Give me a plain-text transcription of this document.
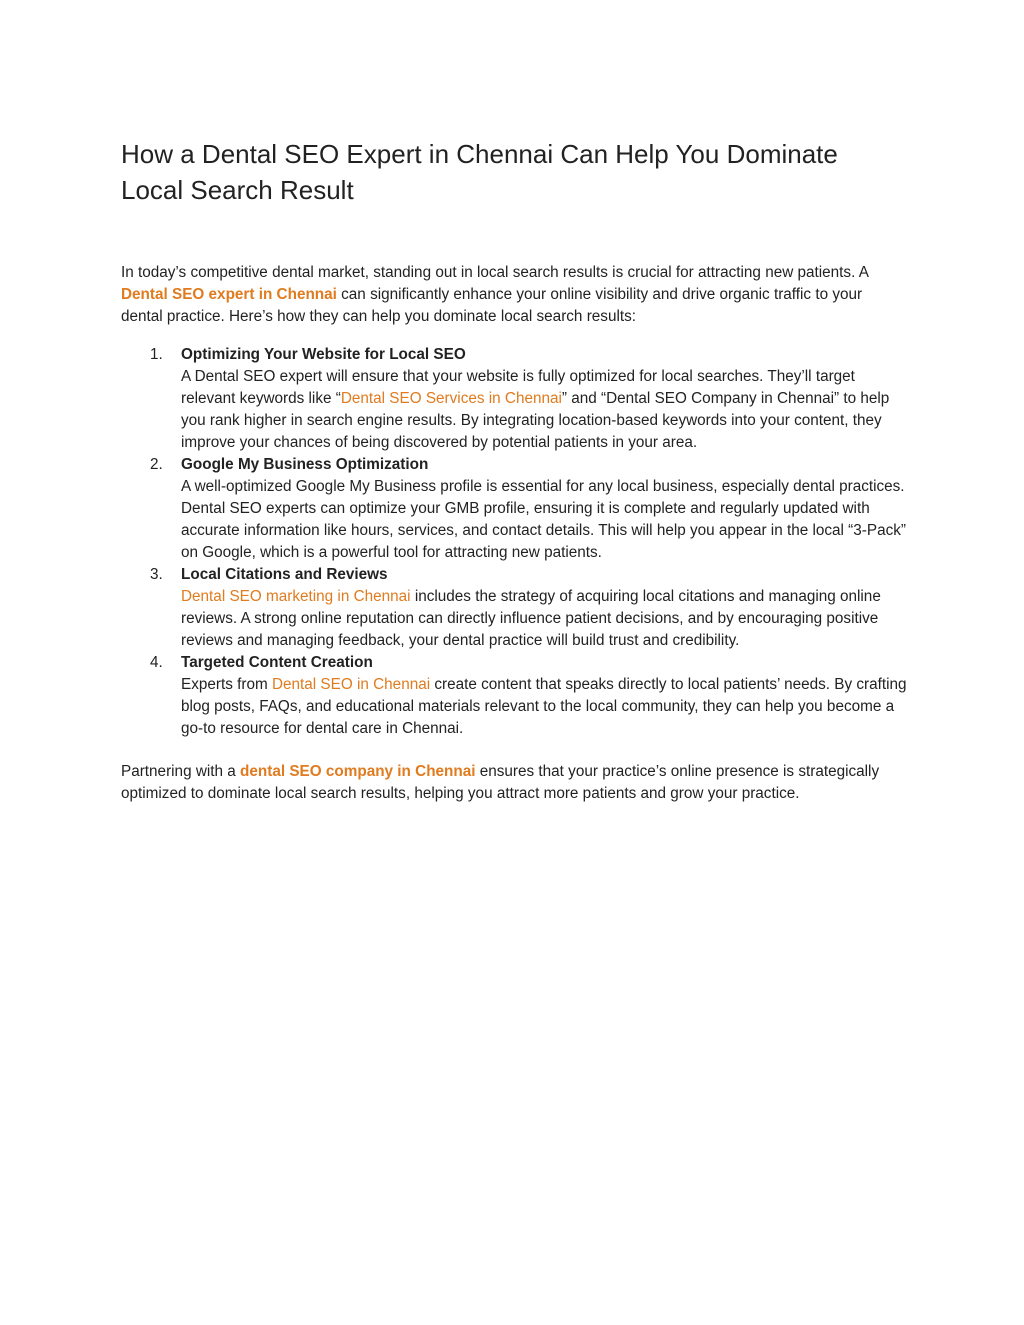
How a Dental SEO Expert in Chennai Can Help You Dominate Local Search Result

In today’s competitive dental market, standing out in local search results is crucial for attracting new patients. A Dental SEO expert in Chennai can significantly enhance your online visibility and drive organic traffic to your dental practice. Here’s how they can help you dominate local search results:

1. Optimizing Your Website for Local SEO
A Dental SEO expert will ensure that your website is fully optimized for local searches. They’ll target relevant keywords like “Dental SEO Services in Chennai” and “Dental SEO Company in Chennai” to help you rank higher in search engine results. By integrating location-based keywords into your content, they improve your chances of being discovered by potential patients in your area.
2. Google My Business Optimization
A well-optimized Google My Business profile is essential for any local business, especially dental practices. Dental SEO experts can optimize your GMB profile, ensuring it is complete and regularly updated with accurate information like hours, services, and contact details. This will help you appear in the local “3-Pack” on Google, which is a powerful tool for attracting new patients.
3. Local Citations and Reviews
Dental SEO marketing in Chennai includes the strategy of acquiring local citations and managing online reviews. A strong online reputation can directly influence patient decisions, and by encouraging positive reviews and managing feedback, your dental practice will build trust and credibility.
4. Targeted Content Creation
Experts from Dental SEO in Chennai create content that speaks directly to local patients’ needs. By crafting blog posts, FAQs, and educational materials relevant to the local community, they can help you become a go-to resource for dental care in Chennai.

Partnering with a dental SEO company in Chennai ensures that your practice’s online presence is strategically optimized to dominate local search results, helping you attract more patients and grow your practice.
